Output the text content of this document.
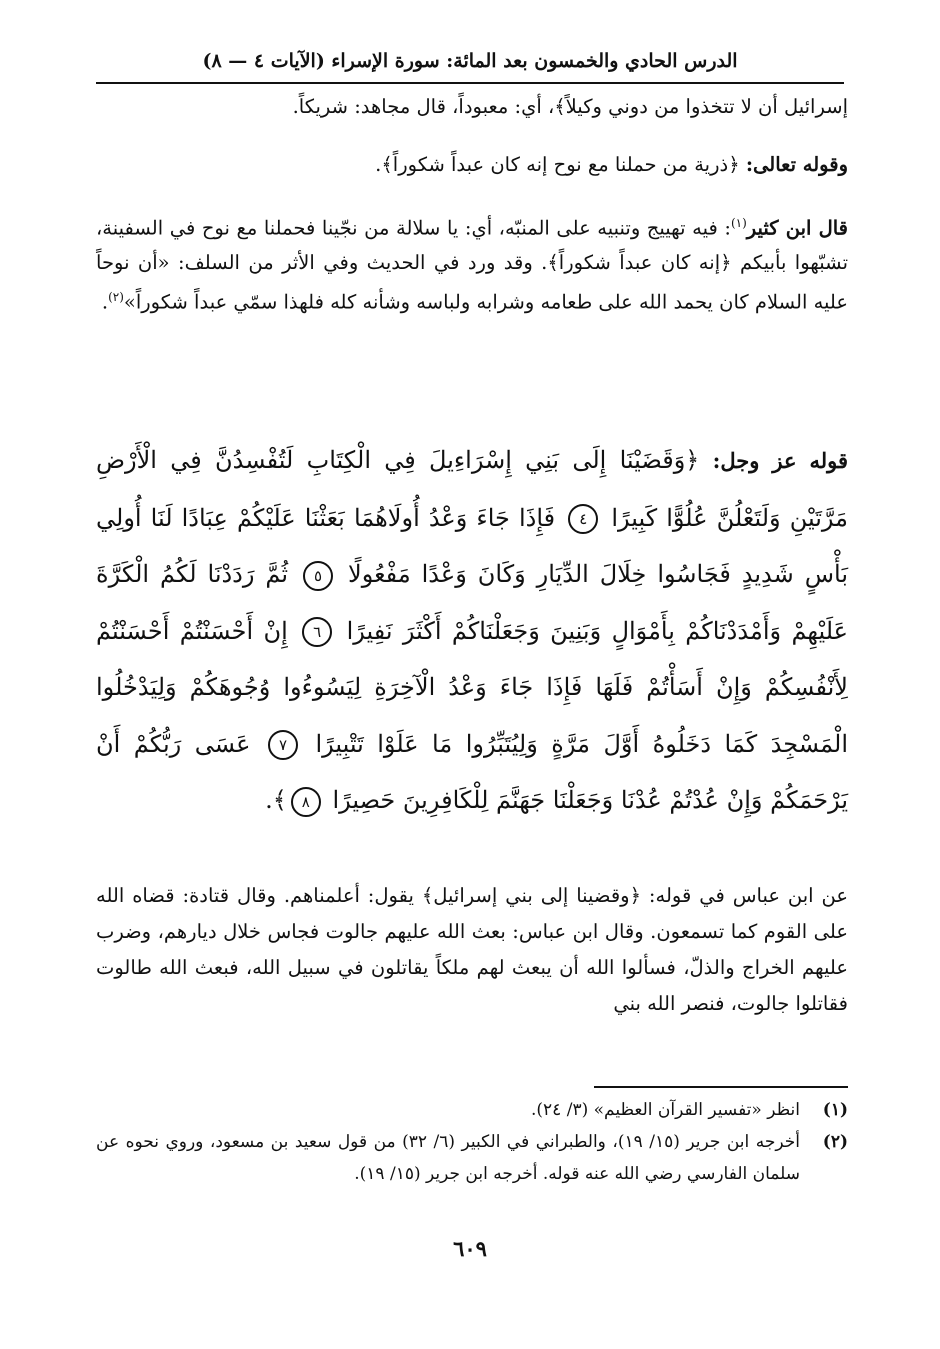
الدرس الحادي والخمسون بعد المائة: سورة الإسراء (الآيات ٤ — ٨)

إسرائيل أن لا تتخذوا من دوني وكيلاً﴾، أي: معبوداً، قال مجاهد: شريكاً.

وقوله تعالى: ﴿ذرية من حملنا مع نوح إنه كان عبداً شكوراً﴾.

قال ابن كثير$^{(١)}$: فيه تهييج وتنبيه على المنبّه، أي: يا سلالة من نجّينا فحملنا مع نوح في السفينة، تشبّهوا بأبيكم ﴿إنه كان عبداً شكوراً﴾. وقد ورد في الحديث وفي الأثر من السلف: «أن نوحاً عليه السلام كان يحمد الله على طعامه وشرابه ولباسه وشأنه كله فلهذا سمّي عبداً شكوراً»$^{(٢)}$.

قوله عز وجل: ﴿وَقَضَيْنَا إِلَى بَنِي إِسْرَاءِيلَ فِي الْكِتَابِ لَتُفْسِدُنَّ فِي الْأَرْضِ مَرَّتَيْنِ وَلَتَعْلُنَّ عُلُوًّا كَبِيرًا ٤ فَإِذَا جَاءَ وَعْدُ أُولَاهُمَا بَعَثْنَا عَلَيْكُمْ عِبَادًا لَنَا أُولِي بَأْسٍ شَدِيدٍ فَجَاسُوا خِلَالَ الدِّيَارِ وَكَانَ وَعْدًا مَفْعُولًا ٥ ثُمَّ رَدَدْنَا لَكُمُ الْكَرَّةَ عَلَيْهِمْ وَأَمْدَدْنَاكُمْ بِأَمْوَالٍ وَبَنِينَ وَجَعَلْنَاكُمْ أَكْثَرَ نَفِيرًا ٦ إِنْ أَحْسَنْتُمْ أَحْسَنْتُمْ لِأَنْفُسِكُمْ وَإِنْ أَسَأْتُمْ فَلَهَا فَإِذَا جَاءَ وَعْدُ الْآخِرَةِ لِيَسُوءُوا وُجُوهَكُمْ وَلِيَدْخُلُوا الْمَسْجِدَ كَمَا دَخَلُوهُ أَوَّلَ مَرَّةٍ وَلِيُتَبِّرُوا مَا عَلَوْا تَتْبِيرًا ٧ عَسَى رَبُّكُمْ أَنْ يَرْحَمَكُمْ وَإِنْ عُدْتُمْ عُدْنَا وَجَعَلْنَا جَهَنَّمَ لِلْكَافِرِينَ حَصِيرًا ٨﴾.
عن ابن عباس في قوله: ﴿وقضينا إلى بني إسرائيل﴾ يقول: أعلمناهم. وقال قتادة: قضاه الله على القوم كما تسمعون. وقال ابن عباس: بعث الله عليهم جالوت فجاس خلال ديارهم، وضرب عليهم الخراج والذلّ، فسألوا الله أن يبعث لهم ملكاً يقاتلون في سبيل الله، فبعث الله طالوت فقاتلوا جالوت، فنصر الله بني
(١)
انظر «تفسير القرآن العظيم» (٣/ ٢٤).
(٢)
أخرجه ابن جرير (١٥/ ١٩)، والطبراني في الكبير (٦/ ٣٢) من قول سعيد بن مسعود، وروي نحوه عن سلمان الفارسي رضي الله عنه قوله. أخرجه ابن جرير (١٥/ ١٩).
٦٠٩
